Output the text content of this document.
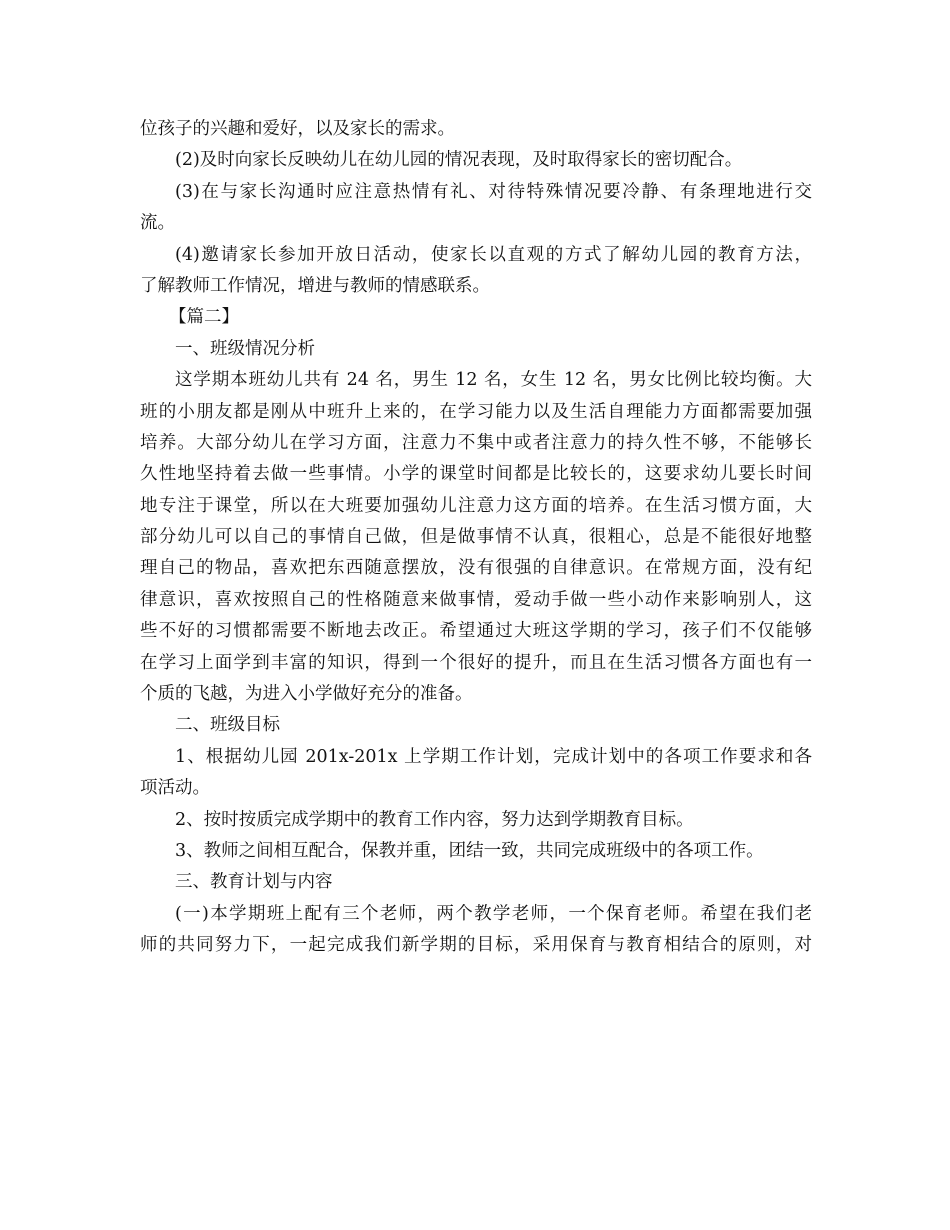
位孩子的兴趣和爱好，以及家长的需求。
(2)及时向家长反映幼儿在幼儿园的情况表现，及时取得家长的密切配合。
(3)在与家长沟通时应注意热情有礼、对待特殊情况要冷静、有条理地进行交
流。
(4)邀请家长参加开放日活动，使家长以直观的方式了解幼儿园的教育方法，
了解教师工作情况，增进与教师的情感联系。
【篇二】
一、班级情况分析
这学期本班幼儿共有 24 名，男生 12 名，女生 12 名，男女比例比较均衡。大
班的小朋友都是刚从中班升上来的，在学习能力以及生活自理能力方面都需要加强
培养。大部分幼儿在学习方面，注意力不集中或者注意力的持久性不够，不能够长
久性地坚持着去做一些事情。小学的课堂时间都是比较长的，这要求幼儿要长时间
地专注于课堂，所以在大班要加强幼儿注意力这方面的培养。在生活习惯方面，大
部分幼儿可以自己的事情自己做，但是做事情不认真，很粗心，总是不能很好地整
理自己的物品，喜欢把东西随意摆放，没有很强的自律意识。在常规方面，没有纪
律意识，喜欢按照自己的性格随意来做事情，爱动手做一些小动作来影响别人，这
些不好的习惯都需要不断地去改正。希望通过大班这学期的学习，孩子们不仅能够
在学习上面学到丰富的知识，得到一个很好的提升，而且在生活习惯各方面也有一
个质的飞越，为进入小学做好充分的准备。
二、班级目标
1、根据幼儿园 201x-201x 上学期工作计划，完成计划中的各项工作要求和各
项活动。
2、按时按质完成学期中的教育工作内容，努力达到学期教育目标。
3、教师之间相互配合，保教并重，团结一致，共同完成班级中的各项工作。
三、教育计划与内容
(一)本学期班上配有三个老师，两个教学老师，一个保育老师。希望在我们老
师的共同努力下，一起完成我们新学期的目标，采用保育与教育相结合的原则，对
